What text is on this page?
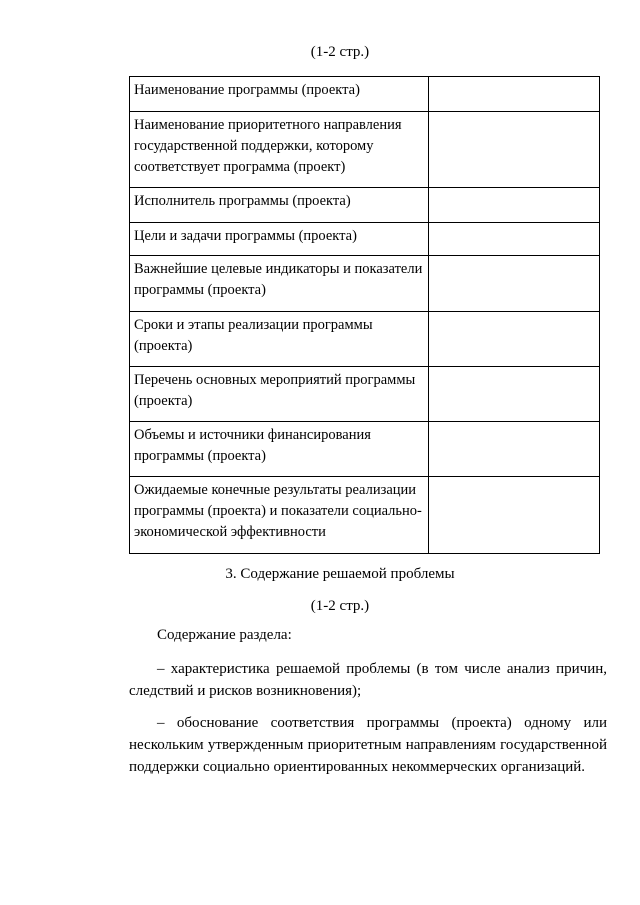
(1-2 стр.)
Наименование программы (проекта)	
Наименование приоритетного направления государственной поддержки, которому соответствует программа (проект)	
Исполнитель программы (проекта)	
Цели и задачи программы (проекта)	
Важнейшие целевые индикаторы и показатели программы (проекта)	
Сроки и этапы реализации программы (проекта)	
Перечень основных мероприятий программы (проекта)	
Объемы и источники финансирования программы (проекта)	
Ожидаемые конечные результаты реализации программы (проекта) и показатели социально-экономической эффективности	
3. Содержание решаемой проблемы
(1-2 стр.)
Содержание раздела:
– характеристика решаемой проблемы (в том числе анализ причин, следствий и рисков возникновения);
– обоснование соответствия программы (проекта) одному или нескольким утвержденным приоритетным направлениям государственной поддержки социально ориентированных некоммерческих организаций.
